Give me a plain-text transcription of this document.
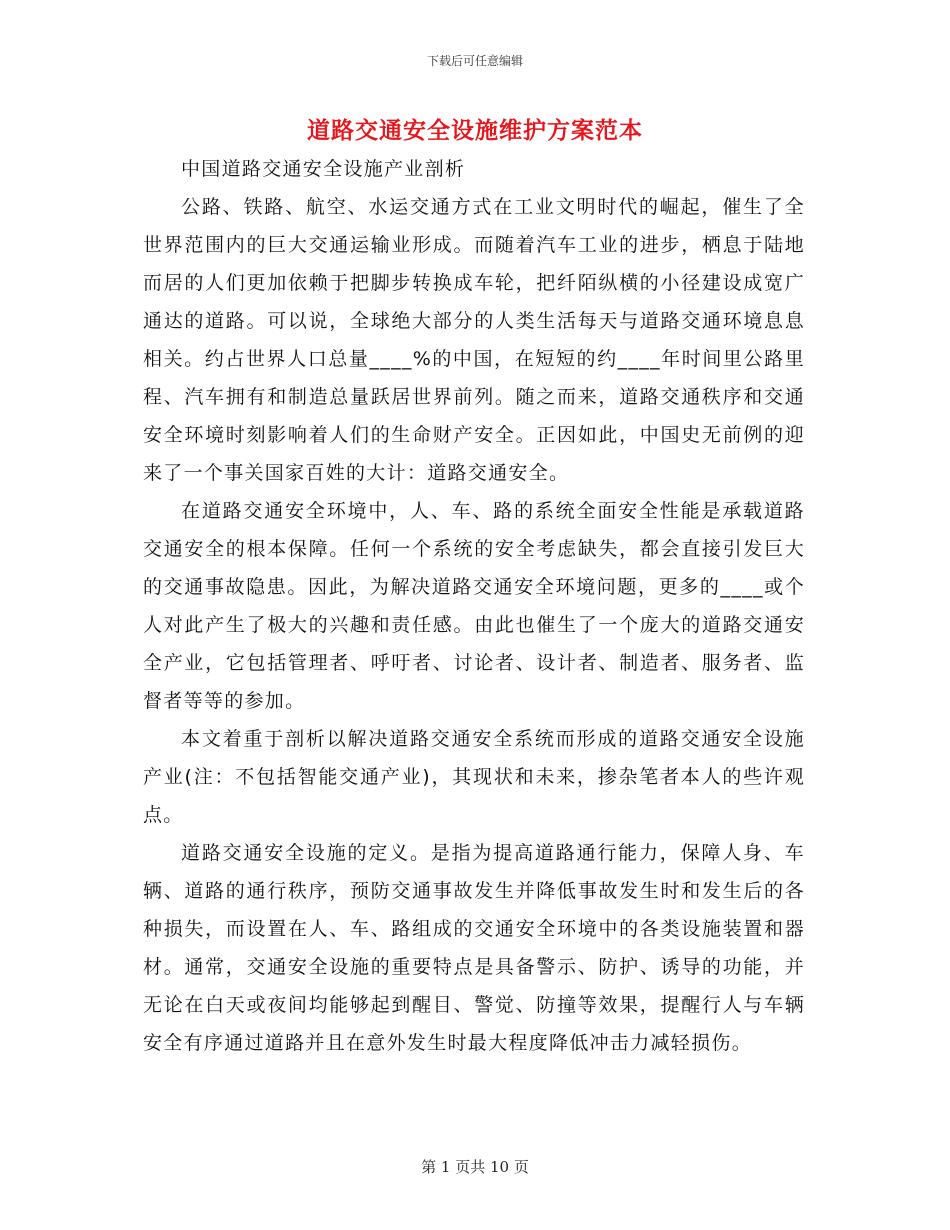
下载后可任意编辑
道路交通安全设施维护方案范本

中国道路交通安全设施产业剖析

公路、铁路、航空、水运交通方式在工业文明时代的崛起，催生了全世界范围内的巨大交通运输业形成。而随着汽车工业的进步，栖息于陆地而居的人们更加依赖于把脚步转换成车轮，把纤陌纵横的小径建设成宽广通达的道路。可以说，全球绝大部分的人类生活每天与道路交通环境息息相关。约占世界人口总量____%的中国，在短短的约____年时间里公路里程、汽车拥有和制造总量跃居世界前列。随之而来，道路交通秩序和交通安全环境时刻影响着人们的生命财产安全。正因如此，中国史无前例的迎来了一个事关国家百姓的大计：道路交通安全。

在道路交通安全环境中，人、车、路的系统全面安全性能是承载道路交通安全的根本保障。任何一个系统的安全考虑缺失，都会直接引发巨大的交通事故隐患。因此，为解决道路交通安全环境问题，更多的____或个人对此产生了极大的兴趣和责任感。由此也催生了一个庞大的道路交通安全产业，它包括管理者、呼吁者、讨论者、设计者、制造者、服务者、监督者等等的参加。

本文着重于剖析以解决道路交通安全系统而形成的道路交通安全设施产业(注：不包括智能交通产业)，其现状和未来，掺杂笔者本人的些许观点。

道路交通安全设施的定义。是指为提高道路通行能力，保障人身、车辆、道路的通行秩序，预防交通事故发生并降低事故发生时和发生后的各种损失，而设置在人、车、路组成的交通安全环境中的各类设施装置和器材。通常，交通安全设施的重要特点是具备警示、防护、诱导的功能，并无论在白天或夜间均能够起到醒目、警觉、防撞等效果，提醒行人与车辆安全有序通过道路并且在意外发生时最大程度降低冲击力减轻损伤。

第 1 页共 10 页
